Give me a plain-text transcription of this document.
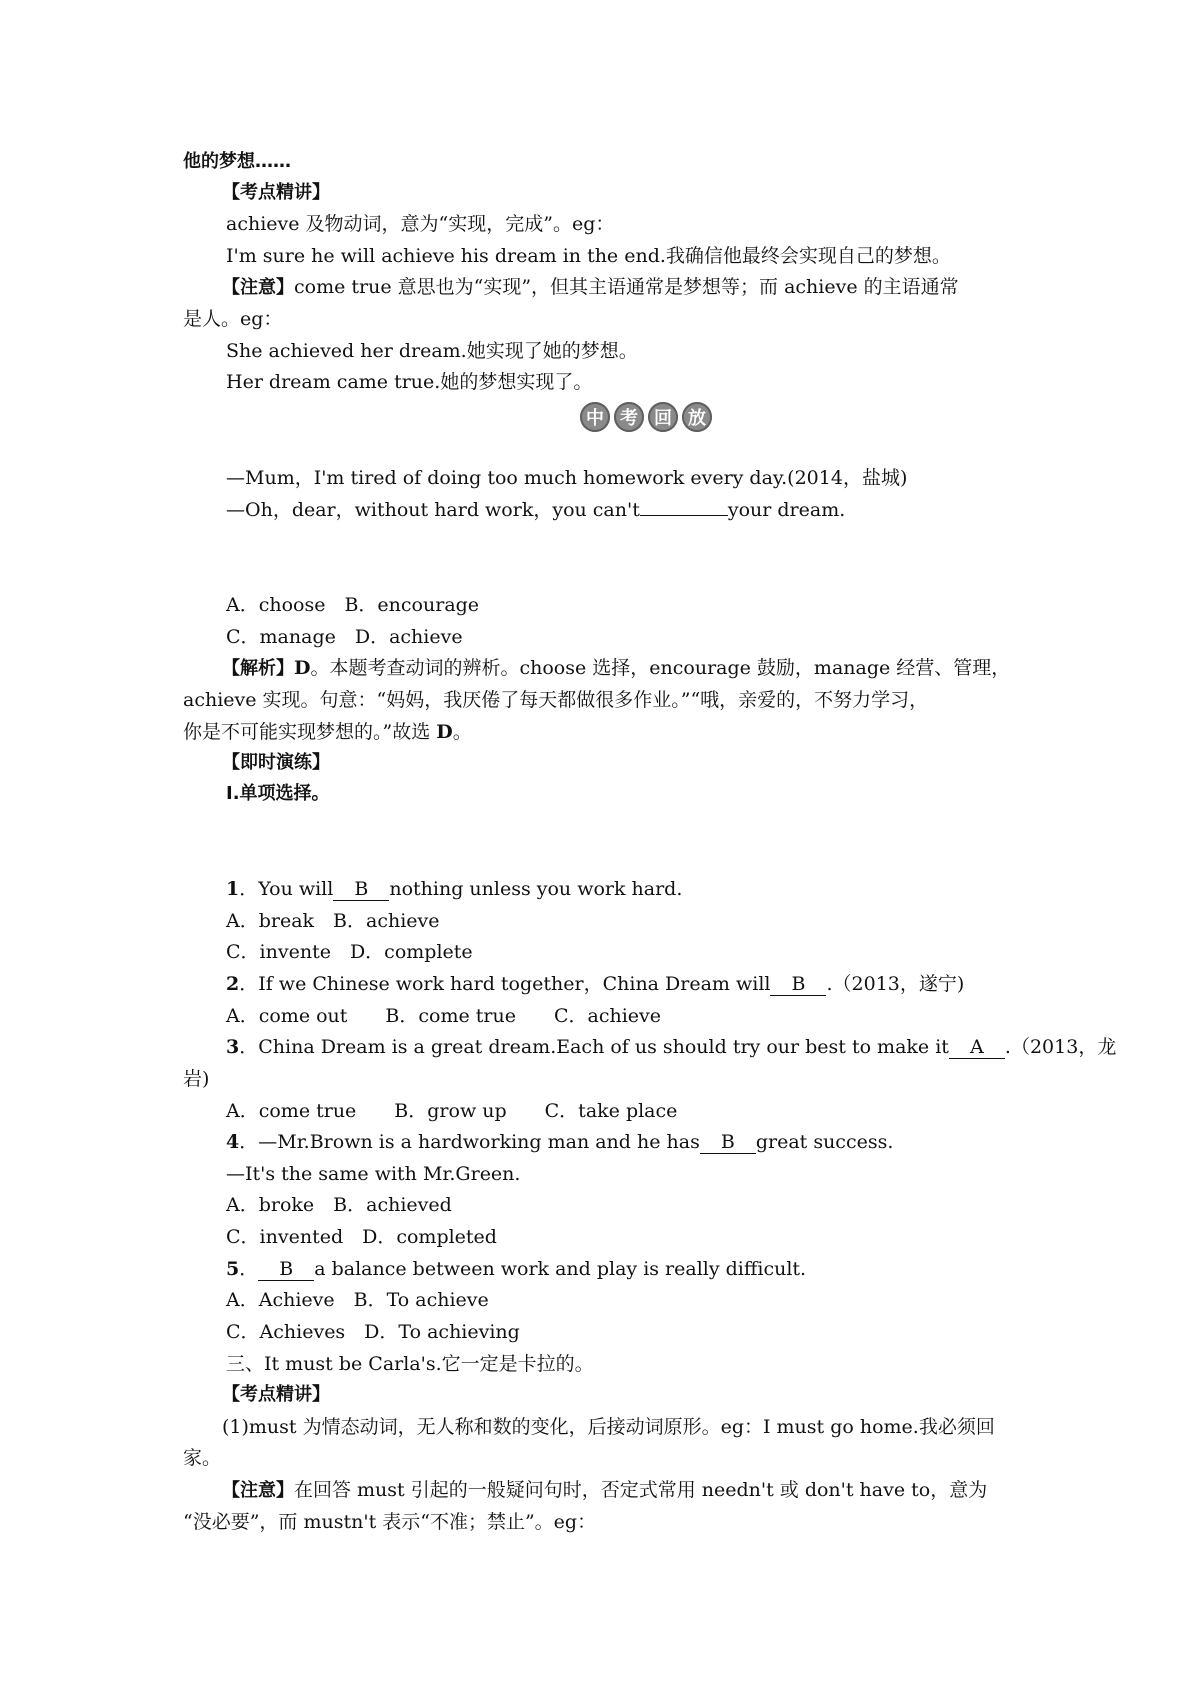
他的梦想……
【考点精讲】
achieve 及物动词，意为“实现，完成”。eg：
I'm sure he will achieve his dream in the end.我确信他最终会实现自己的梦想。
【注意】come true 意思也为“实现”，但其主语通常是梦想等；而 achieve 的主语通常
是人。eg：
She achieved her dream.她实现了她的梦想。
Her dream came true.她的梦想实现了。
中 考 回 放
—Mum，I'm tired of doing too much homework every day.(2014，盐城)
—Oh，dear，without hard work，you can't	your dream.
A．choose　B．encourage
C．manage　D．achieve
【解析】D。本题考查动词的辨析。choose 选择，encourage 鼓励，manage 经营、管理，
achieve 实现。句意：“妈妈，我厌倦了每天都做很多作业。”“哦，亲爱的，不努力学习，
你是不可能实现梦想的。”故选 D。
【即时演练】
Ⅰ.单项选择。
1．You will B nothing unless you work hard.
A．break　B．achieve
C．invente　D．complete
2．If we Chinese work hard together，China Dream will B .（2013，遂宁)
A．come out　　B．come true　　C．achieve
3．China Dream is a great dream.Each of us should try our best to make it A .（2013，龙
岩)
A．come true　　B．grow up　　C．take place
4．—Mr.Brown is a hardworking man and he has B great success.
—It's the same with Mr.Green.
A．broke　B．achieved
C．invented　D．completed
5． B a balance between work and play is really difficult.
A．Achieve　B．To achieve
C．Achieves　D．To achieving
三、It must be Carla's.它一定是卡拉的。
【考点精讲】
(1)must 为情态动词，无人称和数的变化，后接动词原形。eg：I must go home.我必须回
家。
【注意】在回答 must 引起的一般疑问句时，否定式常用 needn't 或 don't have to，意为
“没必要”，而 mustn't 表示“不准；禁止”。eg：
